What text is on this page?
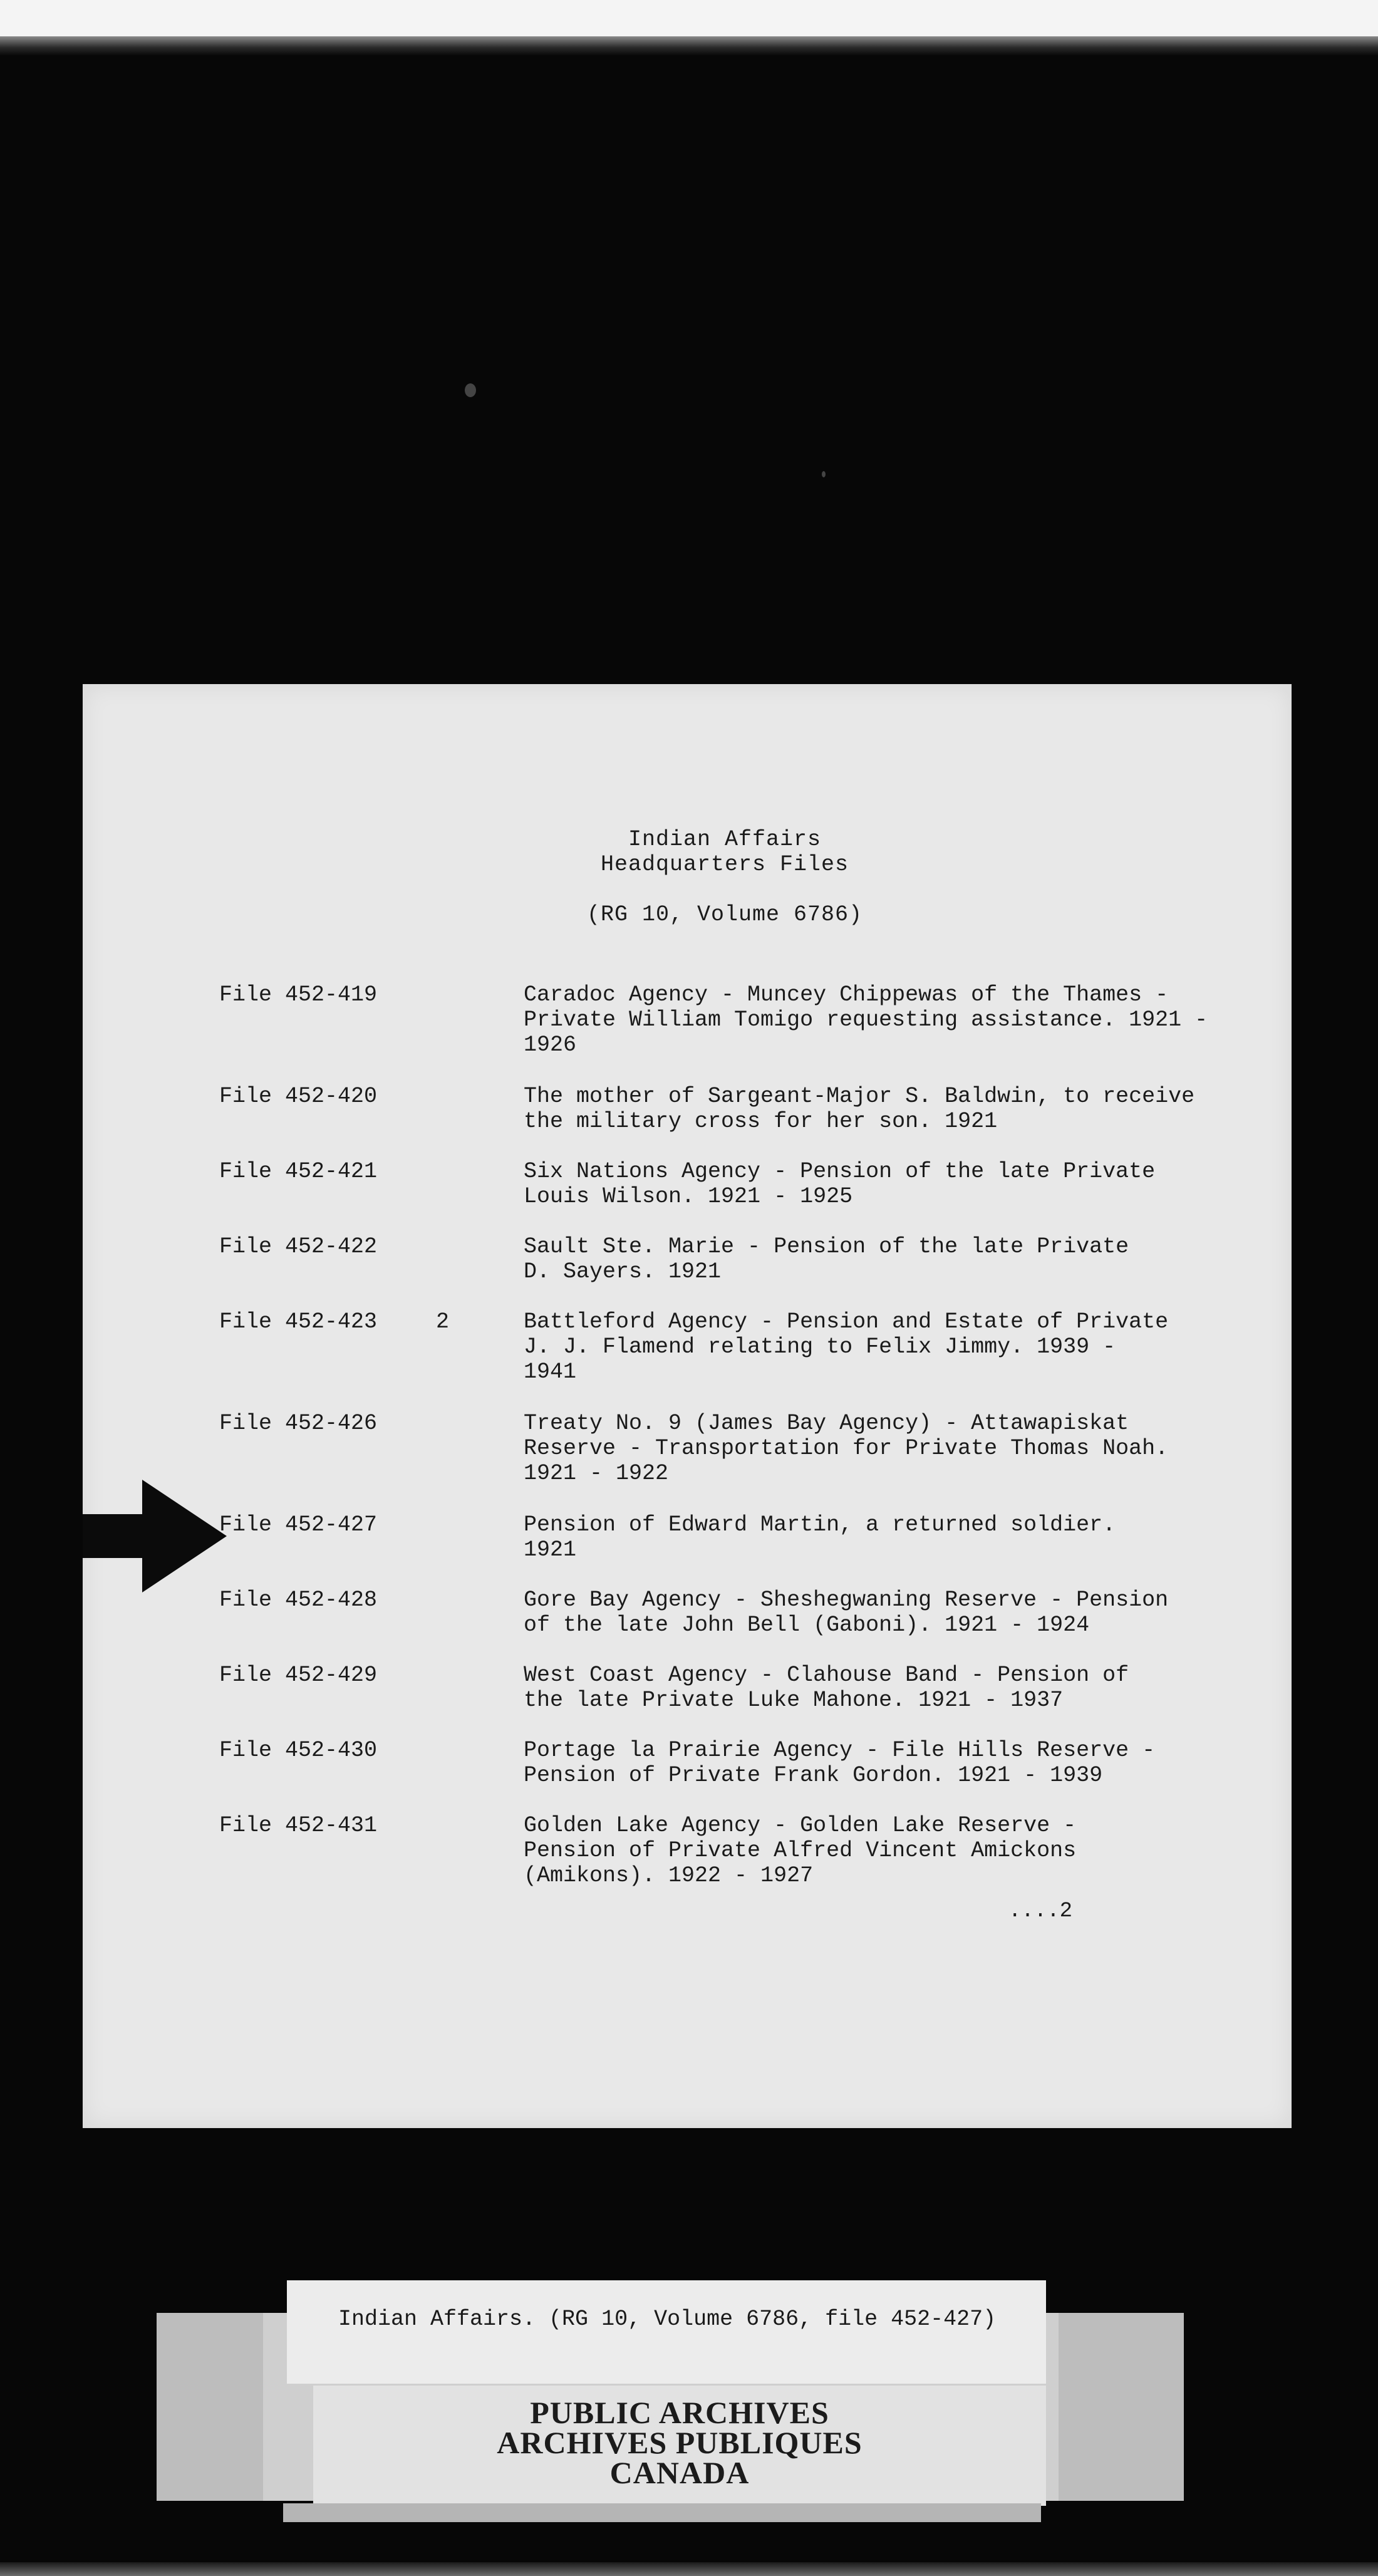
Indian Affairs
Headquarters Files
(RG 10, Volume 6786)
File 452-419	Caradoc Agency - Muncey Chippewas of the Thames -
Private William Tomigo requesting assistance. 1921 -
1926
File 452-420	The mother of Sargeant-Major S. Baldwin, to receive
the military cross for her son. 1921
File 452-421	Six Nations Agency - Pension of the late Private
Louis Wilson. 1921 - 1925
File 452-422	Sault Ste. Marie - Pension of the late Private
D. Sayers. 1921
File 452-423	2	Battleford Agency - Pension and Estate of Private
J. J. Flamend relating to Felix Jimmy. 1939 -
1941
File 452-426	Treaty No. 9 (James Bay Agency) - Attawapiskat
Reserve - Transportation for Private Thomas Noah.
1921 - 1922
File 452-427	Pension of Edward Martin, a returned soldier.
1921
File 452-428	Gore Bay Agency - Sheshegwaning Reserve - Pension
of the late John Bell (Gaboni). 1921 - 1924
File 452-429	West Coast Agency - Clahouse Band - Pension of
the late Private Luke Mahone. 1921 - 1937
File 452-430	Portage la Prairie Agency - File Hills Reserve -
Pension of Private Frank Gordon. 1921 - 1939
File 452-431	Golden Lake Agency - Golden Lake Reserve -
Pension of Private Alfred Vincent Amickons
(Amikons). 1922 - 1927
....2
Indian Affairs. (RG 10, Volume 6786, file 452-427)
PUBLIC ARCHIVES
ARCHIVES PUBLIQUES
CANADA
